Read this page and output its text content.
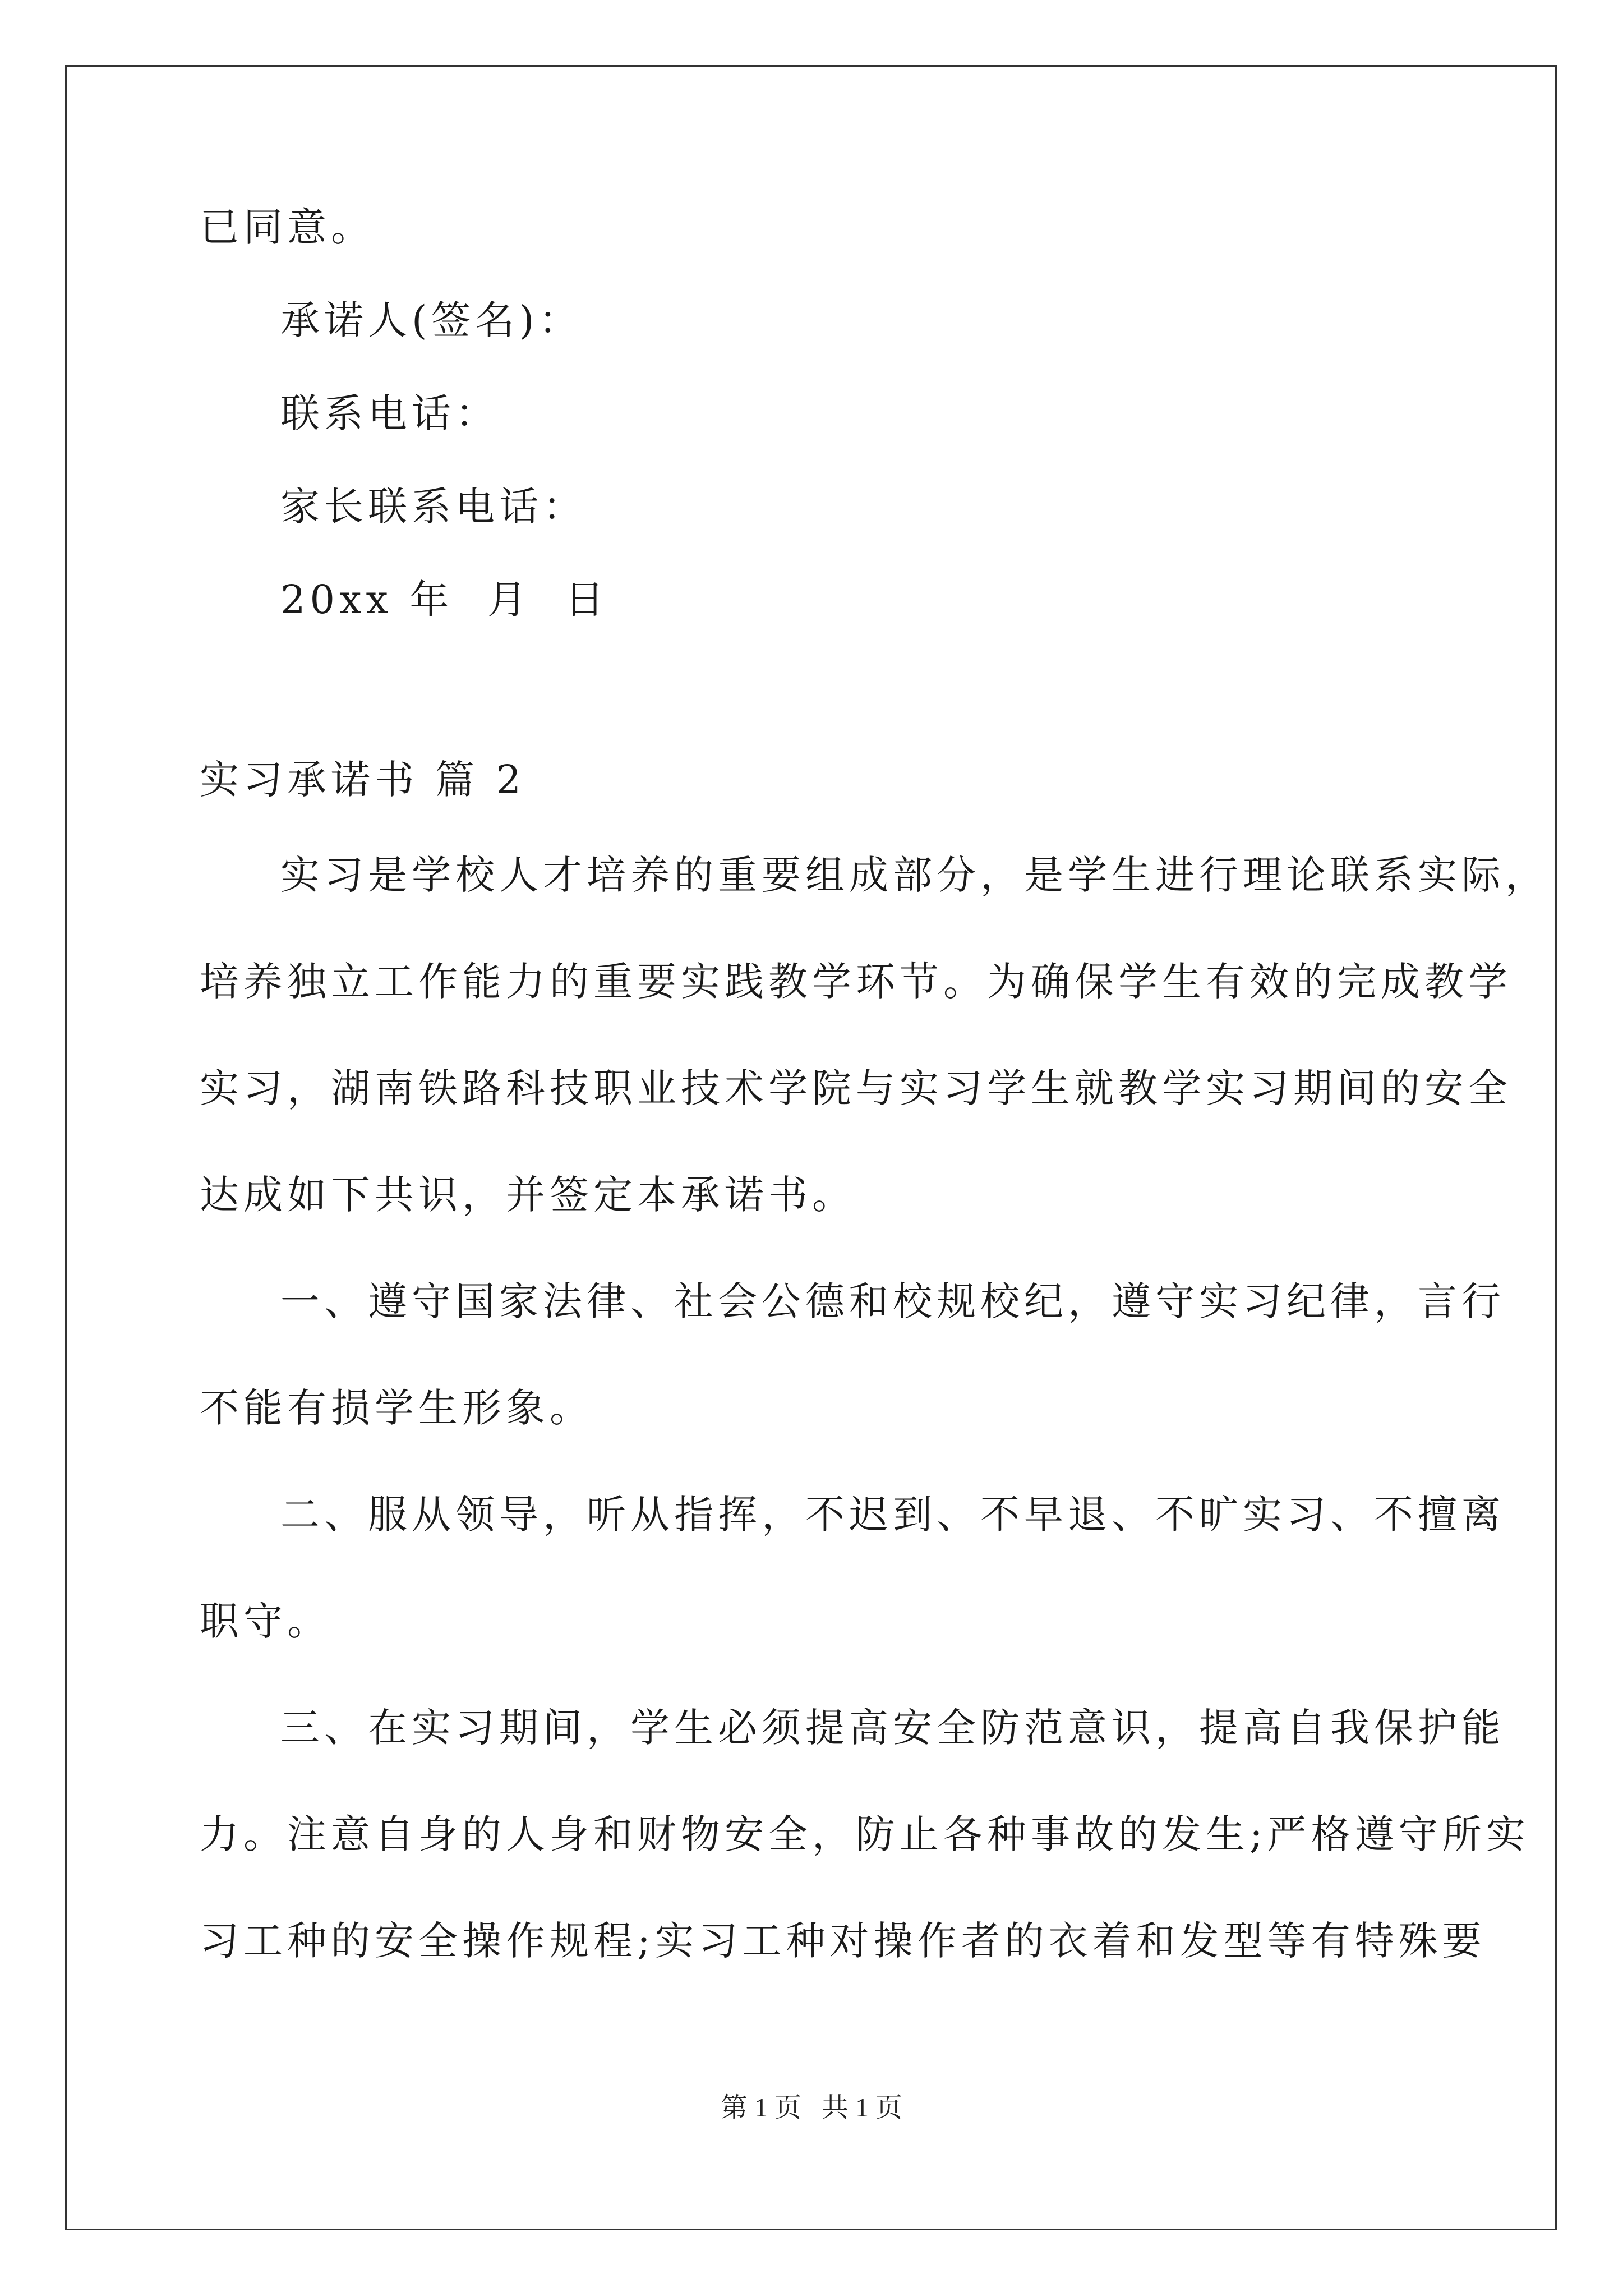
已同意。
承诺人(签名)：
联系电话：
家长联系电话：
20xx 年  月  日
实习承诺书 篇 2
实习是学校人才培养的重要组成部分，是学生进行理论联系实际，
培养独立工作能力的重要实践教学环节。为确保学生有效的完成教学
实习，湖南铁路科技职业技术学院与实习学生就教学实习期间的安全
达成如下共识，并签定本承诺书。
一、遵守国家法律、社会公德和校规校纪，遵守实习纪律，言行
不能有损学生形象。
二、服从领导，听从指挥，不迟到、不早退、不旷实习、不擅离
职守。
三、在实习期间，学生必须提高安全防范意识，提高自我保护能
力。注意自身的人身和财物安全，防止各种事故的发生;严格遵守所实
习工种的安全操作规程;实习工种对操作者的衣着和发型等有特殊要
第 1 页   共 1 页
